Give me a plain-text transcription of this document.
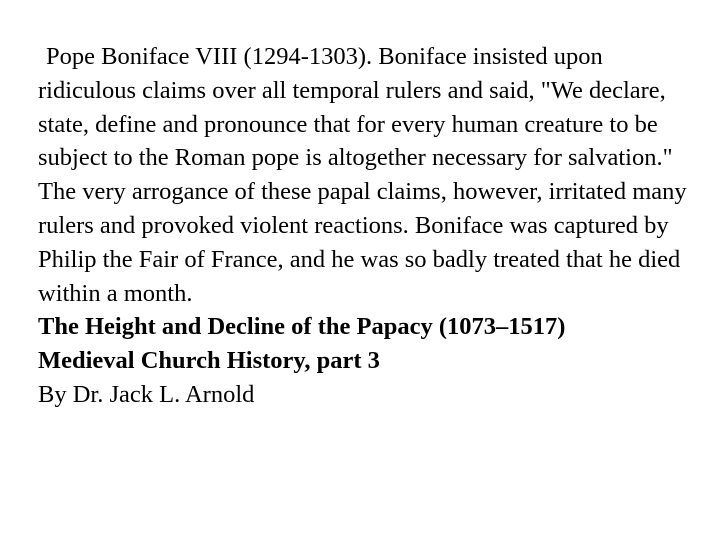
Pope Boniface VIII (1294-1303). Boniface insisted upon ridiculous claims over all temporal rulers and said, "We declare, state, define and pronounce that for every human creature to be subject to the Roman pope is altogether necessary for salvation." The very arrogance of these papal claims, however, irritated many rulers and provoked violent reactions. Boniface was captured by Philip the Fair of France, and he was so badly treated that he died within a month.

The Height and Decline of the Papacy (1073–1517)

Medieval Church History, part 3

By Dr. Jack L. Arnold
